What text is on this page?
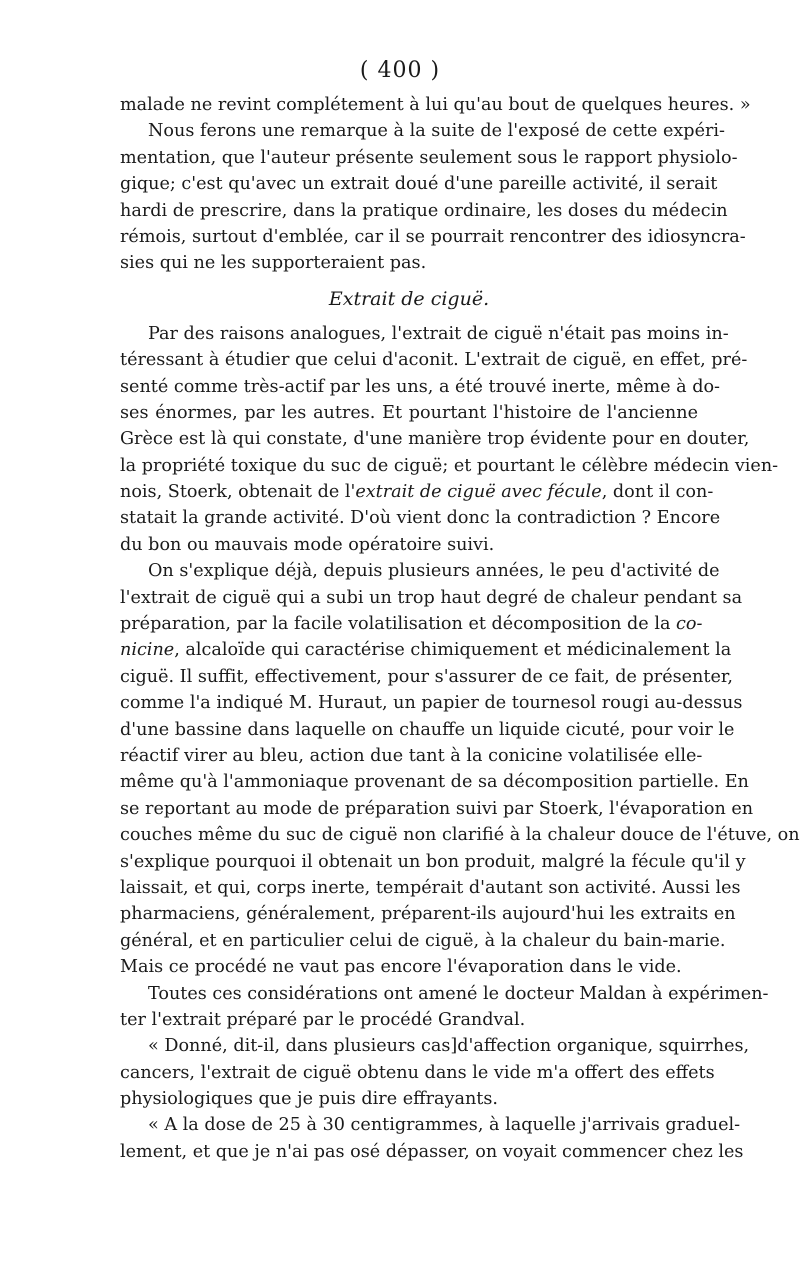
( 400 )
malade ne revint complétement à lui qu'au bout de quelques heures. »
Nous ferons une remarque à la suite de l'exposé de cette expéri-
mentation, que l'auteur présente seulement sous le rapport physiolo-
gique; c'est qu'avec un extrait doué d'une pareille activité, il serait
hardi de prescrire, dans la pratique ordinaire, les doses du médecin
rémois, surtout d'emblée, car il se pourrait rencontrer des idiosyncra-
sies qui ne les supporteraient pas.
Extrait de ciguë.
Par des raisons analogues, l'extrait de ciguë n'était pas moins in-
téressant à étudier que celui d'aconit. L'extrait de ciguë, en effet, pré-
senté comme très-actif par les uns, a été trouvé inerte, même à do-
ses énormes, par les autres. Et pourtant l'histoire de l'ancienne
Grèce est là qui constate, d'une manière trop évidente pour en douter,
la propriété toxique du suc de ciguë; et pourtant le célèbre médecin vien-
nois, Stoerk, obtenait de l'extrait de ciguë avec fécule, dont il con-
statait la grande activité. D'où vient donc la contradiction ? Encore
du bon ou mauvais mode opératoire suivi.
On s'explique déjà, depuis plusieurs années, le peu d'activité de
l'extrait de ciguë qui a subi un trop haut degré de chaleur pendant sa
préparation, par la facile volatilisation et décomposition de la co-
nicine, alcaloïde qui caractérise chimiquement et médicinalement la
ciguë. Il suffit, effectivement, pour s'assurer de ce fait, de présenter,
comme l'a indiqué M. Huraut, un papier de tournesol rougi au-dessus
d'une bassine dans laquelle on chauffe un liquide cicuté, pour voir le
réactif virer au bleu, action due tant à la conicine volatilisée elle-
même qu'à l'ammoniaque provenant de sa décomposition partielle. En
se reportant au mode de préparation suivi par Stoerk, l'évaporation en
couches même du suc de ciguë non clarifié à la chaleur douce de l'étuve, on
s'explique pourquoi il obtenait un bon produit, malgré la fécule qu'il y
laissait, et qui, corps inerte, tempérait d'autant son activité. Aussi les
pharmaciens, généralement, préparent-ils aujourd'hui les extraits en
général, et en particulier celui de ciguë, à la chaleur du bain-marie.
Mais ce procédé ne vaut pas encore l'évaporation dans le vide.
Toutes ces considérations ont amené le docteur Maldan à expérimen-
ter l'extrait préparé par le procédé Grandval.
« Donné, dit-il, dans plusieurs cas]d'affection organique, squirrhes,
cancers, l'extrait de ciguë obtenu dans le vide m'a offert des effets
physiologiques que je puis dire effrayants.
« A la dose de 25 à 30 centigrammes, à laquelle j'arrivais graduel-
lement, et que je n'ai pas osé dépasser, on voyait commencer chez les
